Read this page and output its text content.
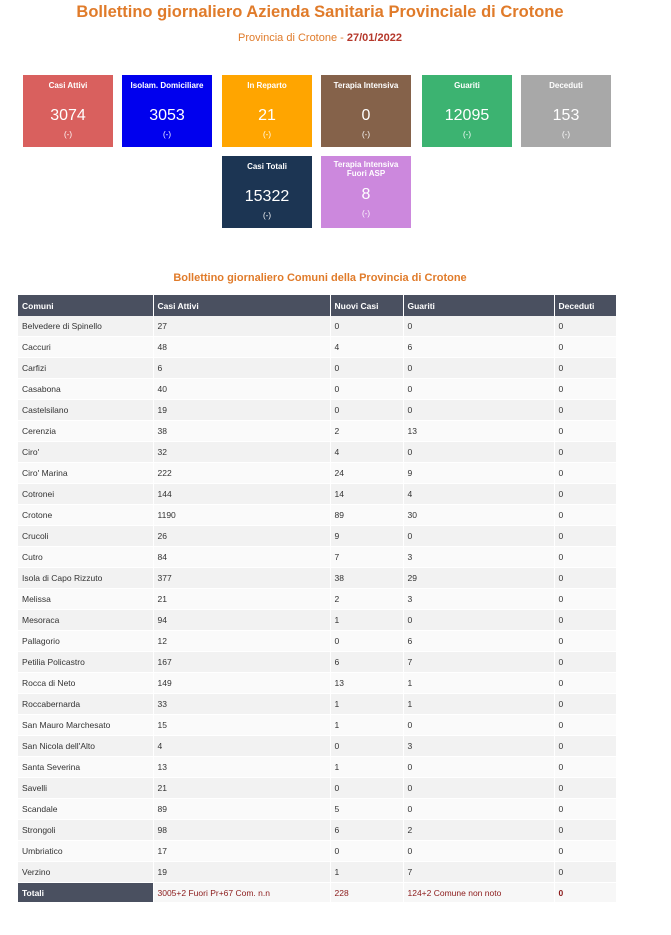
Bollettino giornaliero Azienda Sanitaria Provinciale di Crotone
Provincia di Crotone - 27/01/2022
Casi Attivi
3074
(-)
Isolam. Domiciliare
3053
(-)
In Reparto
21
(-)
Terapia Intensiva
0
(-)
Guariti
12095
(-)
Deceduti
153
(-)
Casi Totali
15322
(-)
Terapia Intensiva Fuori ASP
8
(-)
Bollettino giornaliero Comuni della Provincia di Crotone
Comuni	Casi Attivi	Nuovi Casi	Guariti	Deceduti
Belvedere di Spinello	27	0	0	0
Caccuri	48	4	6	0
Carfizi	6	0	0	0
Casabona	40	0	0	0
Castelsilano	19	0	0	0
Cerenzia	38	2	13	0
Ciro'	32	4	0	0
Ciro' Marina	222	24	9	0
Cotronei	144	14	4	0
Crotone	1190	89	30	0
Crucoli	26	9	0	0
Cutro	84	7	3	0
Isola di Capo Rizzuto	377	38	29	0
Melissa	21	2	3	0
Mesoraca	94	1	0	0
Pallagorio	12	0	6	0
Petilia Policastro	167	6	7	0
Rocca di Neto	149	13	1	0
Roccabernarda	33	1	1	0
San Mauro Marchesato	15	1	0	0
San Nicola dell'Alto	4	0	3	0
Santa Severina	13	1	0	0
Savelli	21	0	0	0
Scandale	89	5	0	0
Strongoli	98	6	2	0
Umbriatico	17	0	0	0
Verzino	19	1	7	0
Totali	3005+2 Fuori Pr+67 Com. n.n	228	124+2 Comune non noto	0
